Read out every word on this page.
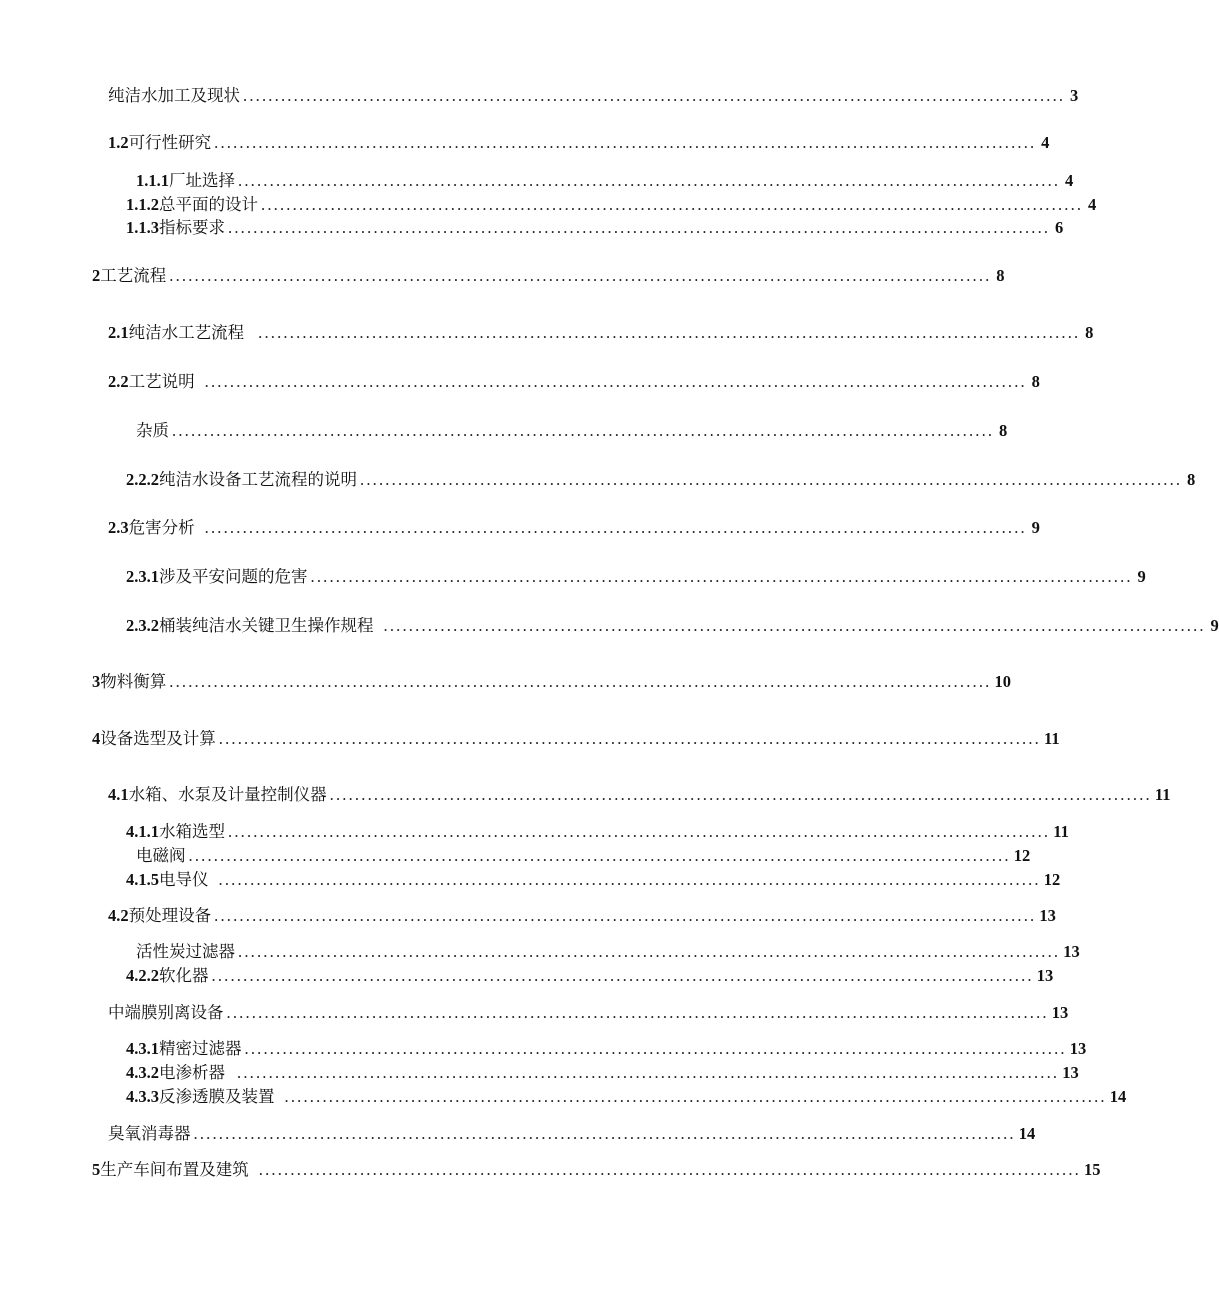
纯洁水加工及现状 .................................................................................................................................. 3
1.2 可行性研究 .................................................................................................................................. 4
1.1.1 厂址选择 .................................................................................................................................. 4
1.1.2 总平面的设计 .................................................................................................................................. 4
1.1.3 指标要求 .................................................................................................................................. 6
2 工艺流程 .................................................................................................................................. 8
2.1 纯洁水工艺流程 .................................................................................................................................. 8
2.2 工艺说明 .................................................................................................................................. 8
杂质 .................................................................................................................................. 8
2.2.2 纯洁水设备工艺流程的说明 .................................................................................................................................. 8
2.3 危害分析 .................................................................................................................................. 9
2.3.1 涉及平安问题的危害 .................................................................................................................................. 9
2.3.2 桶装纯洁水关键卫生操作规程 .................................................................................................................................. 9
3 物料衡算 .................................................................................................................................. 10
4 设备选型及计算 .................................................................................................................................. 11
4.1 水箱、水泵及计量控制仪器 .................................................................................................................................. 11
4.1.1 水箱选型 .................................................................................................................................. 11
电磁阀 .................................................................................................................................. 12
4.1.5 电导仪 .................................................................................................................................. 12
4.2 预处理设备 .................................................................................................................................. 13
活性炭过滤器 .................................................................................................................................. 13
4.2.2 软化器 .................................................................................................................................. 13
中端膜别离设备 .................................................................................................................................. 13
4.3.1 精密过滤器 .................................................................................................................................. 13
4.3.2 电渗析器 .................................................................................................................................. 13
4.3.3 反渗透膜及装置 .................................................................................................................................. 14
臭氧消毒器 .................................................................................................................................. 14
5 生产车间布置及建筑 .................................................................................................................................. 15
